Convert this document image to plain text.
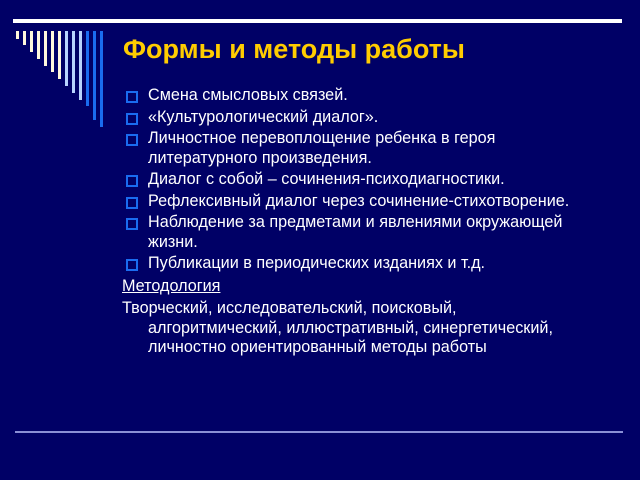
Формы и методы работы
Смена смысловых связей.
«Культурологический диалог».
Личностное перевоплощение ребенка в героя литературного произведения.
Диалог с собой – сочинения-психодиагностики.
Рефлексивный диалог через сочинение-стихотворение.
Наблюдение за предметами и явлениями окружающей жизни.
Публикации в периодических изданиях и т.д.
Методология
Творческий, исследовательский, поисковый, алгоритмический, иллюстративный, синергетический, личностно ориентированный методы работы
